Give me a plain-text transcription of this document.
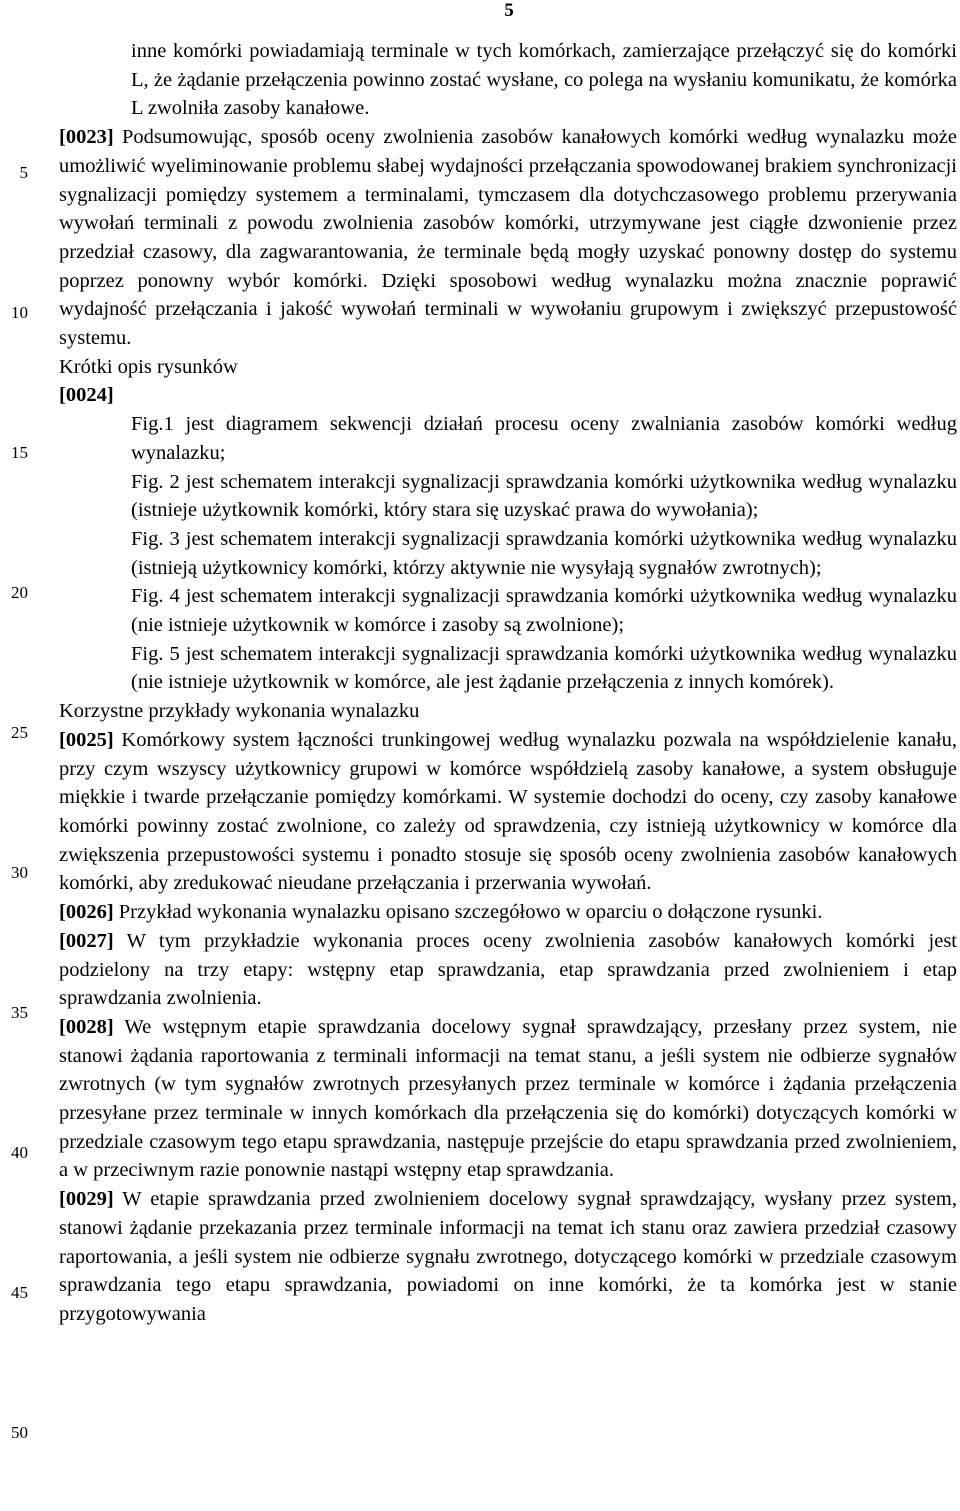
5
5
10
15
20
25
30
35
40
45
50

inne komórki powiadamiają terminale w tych komórkach, zamierzające przełączyć się do komórki L, że żądanie przełączenia powinno zostać wysłane, co polega na wysłaniu komunikatu, że komórka L zwolniła zasoby kanałowe.

[0023] Podsumowując, sposób oceny zwolnienia zasobów kanałowych komórki według wynalazku może umożliwić wyeliminowanie problemu słabej wydajności przełączania spowodowanej brakiem synchronizacji sygnalizacji pomiędzy systemem a terminalami, tymczasem dla dotychczasowego problemu przerywania wywołań terminali z powodu zwolnienia zasobów komórki, utrzymywane jest ciągłe dzwonienie przez przedział czasowy, dla zagwarantowania, że terminale będą mogły uzyskać ponowny dostęp do systemu poprzez ponowny wybór komórki. Dzięki sposobowi według wynalazku można znacznie poprawić wydajność przełączania i jakość wywołań terminali w wywołaniu grupowym i zwiększyć przepustowość systemu.

Krótki opis rysunków

[0024]

Fig.1 jest diagramem sekwencji działań procesu oceny zwalniania zasobów komórki według wynalazku;

Fig. 2 jest schematem interakcji sygnalizacji sprawdzania komórki użytkownika według wynalazku (istnieje użytkownik komórki, który stara się uzyskać prawa do wywołania);

Fig. 3 jest schematem interakcji sygnalizacji sprawdzania komórki użytkownika według wynalazku (istnieją użytkownicy komórki, którzy aktywnie nie wysyłają sygnałów zwrotnych);

Fig. 4 jest schematem interakcji sygnalizacji sprawdzania komórki użytkownika według wynalazku (nie istnieje użytkownik w komórce i zasoby są zwolnione);

Fig. 5 jest schematem interakcji sygnalizacji sprawdzania komórki użytkownika według wynalazku (nie istnieje użytkownik w komórce, ale jest żądanie przełączenia z innych komórek).

Korzystne przykłady wykonania wynalazku

[0025] Komórkowy system łączności trunkingowej według wynalazku pozwala na współdzielenie kanału, przy czym wszyscy użytkownicy grupowi w komórce współdzielą zasoby kanałowe, a system obsługuje miękkie i twarde przełączanie pomiędzy komórkami. W systemie dochodzi do oceny, czy zasoby kanałowe komórki powinny zostać zwolnione, co zależy od sprawdzenia, czy istnieją użytkownicy w komórce dla zwiększenia przepustowości systemu i ponadto stosuje się sposób oceny zwolnienia zasobów kanałowych komórki, aby zredukować nieudane przełączania i przerwania wywołań.

[0026] Przykład wykonania wynalazku opisano szczegółowo w oparciu o dołączone rysunki.

[0027] W tym przykładzie wykonania proces oceny zwolnienia zasobów kanałowych komórki jest podzielony na trzy etapy: wstępny etap sprawdzania, etap sprawdzania przed zwolnieniem i etap sprawdzania zwolnienia.

[0028] We wstępnym etapie sprawdzania docelowy sygnał sprawdzający, przesłany przez system, nie stanowi żądania raportowania z terminali informacji na temat stanu, a jeśli system nie odbierze sygnałów zwrotnych (w tym sygnałów zwrotnych przesyłanych przez terminale w komórce i żądania przełączenia przesyłane przez terminale w innych komórkach dla przełączenia się do komórki) dotyczących komórki w przedziale czasowym tego etapu sprawdzania, następuje przejście do etapu sprawdzania przed zwolnieniem, a w przeciwnym razie ponownie nastąpi wstępny etap sprawdzania.

[0029] W etapie sprawdzania przed zwolnieniem docelowy sygnał sprawdzający, wysłany przez system, stanowi żądanie przekazania przez terminale informacji na temat ich stanu oraz zawiera przedział czasowy raportowania, a jeśli system nie odbierze sygnału zwrotnego, dotyczącego komórki w przedziale czasowym sprawdzania tego etapu sprawdzania, powiadomi on inne komórki, że ta komórka jest w stanie przygotowywania
